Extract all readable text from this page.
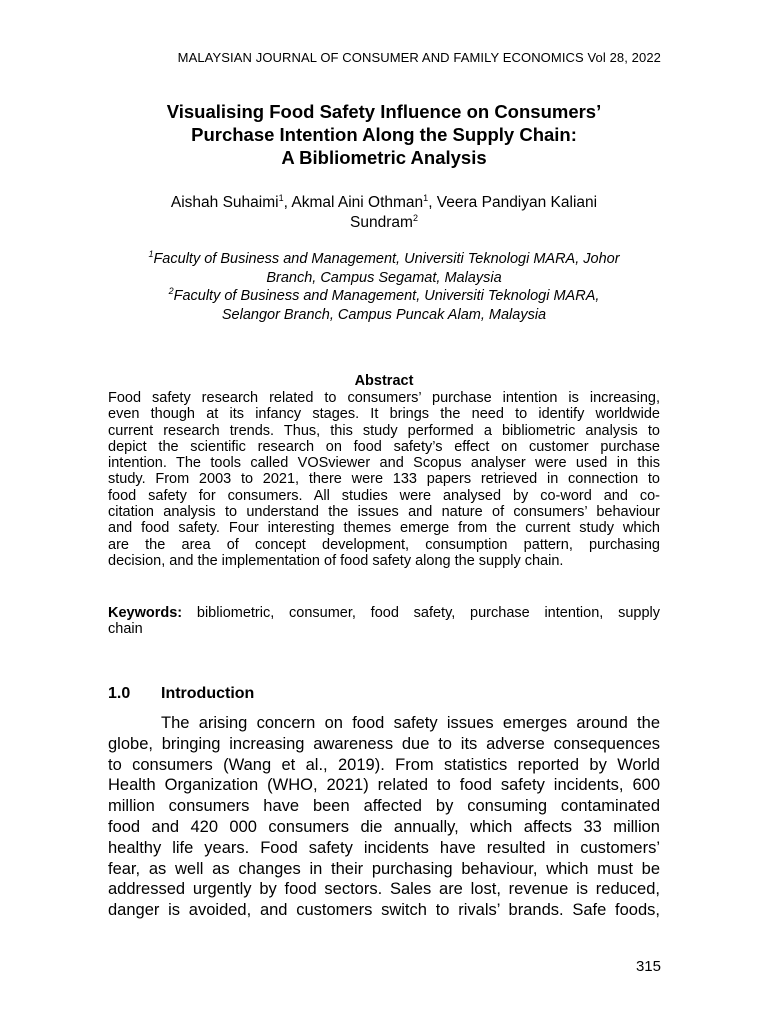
MALAYSIAN JOURNAL OF CONSUMER AND FAMILY ECONOMICS Vol 28, 2022
Visualising Food Safety Influence on Consumers’
Purchase Intention Along the Supply Chain:
A Bibliometric Analysis
Aishah Suhaimi$^1$, Akmal Aini Othman$^1$, Veera Pandiyan Kaliani
Sundram$^2$
$^1$Faculty of Business and Management, Universiti Teknologi MARA, Johor
Branch, Campus Segamat, Malaysia
$^2$Faculty of Business and Management, Universiti Teknologi MARA,
Selangor Branch, Campus Puncak Alam, Malaysia
Abstract
Food safety research related to consumers’ purchase intention is increasing,
even though at its infancy stages. It brings the need to identify worldwide
current research trends. Thus, this study performed a bibliometric analysis to
depict the scientific research on food safety’s effect on customer purchase
intention. The tools called VOSviewer and Scopus analyser were used in this
study. From 2003 to 2021, there were 133 papers retrieved in connection to
food safety for consumers. All studies were analysed by co-word and co-
citation analysis to understand the issues and nature of consumers’ behaviour
and food safety. Four interesting themes emerge from the current study which
are the area of concept development, consumption pattern, purchasing
decision, and the implementation of food safety along the supply chain.
Keywords: bibliometric, consumer, food safety, purchase intention, supply
chain
1.0 Introduction
The arising concern on food safety issues emerges around the
globe, bringing increasing awareness due to its adverse consequences
to consumers (Wang et al., 2019). From statistics reported by World
Health Organization (WHO, 2021) related to food safety incidents, 600
million consumers have been affected by consuming contaminated
food and 420 000 consumers die annually, which affects 33 million
healthy life years. Food safety incidents have resulted in customers’
fear, as well as changes in their purchasing behaviour, which must be
addressed urgently by food sectors. Sales are lost, revenue is reduced,
danger is avoided, and customers switch to rivals’ brands. Safe foods,
315
